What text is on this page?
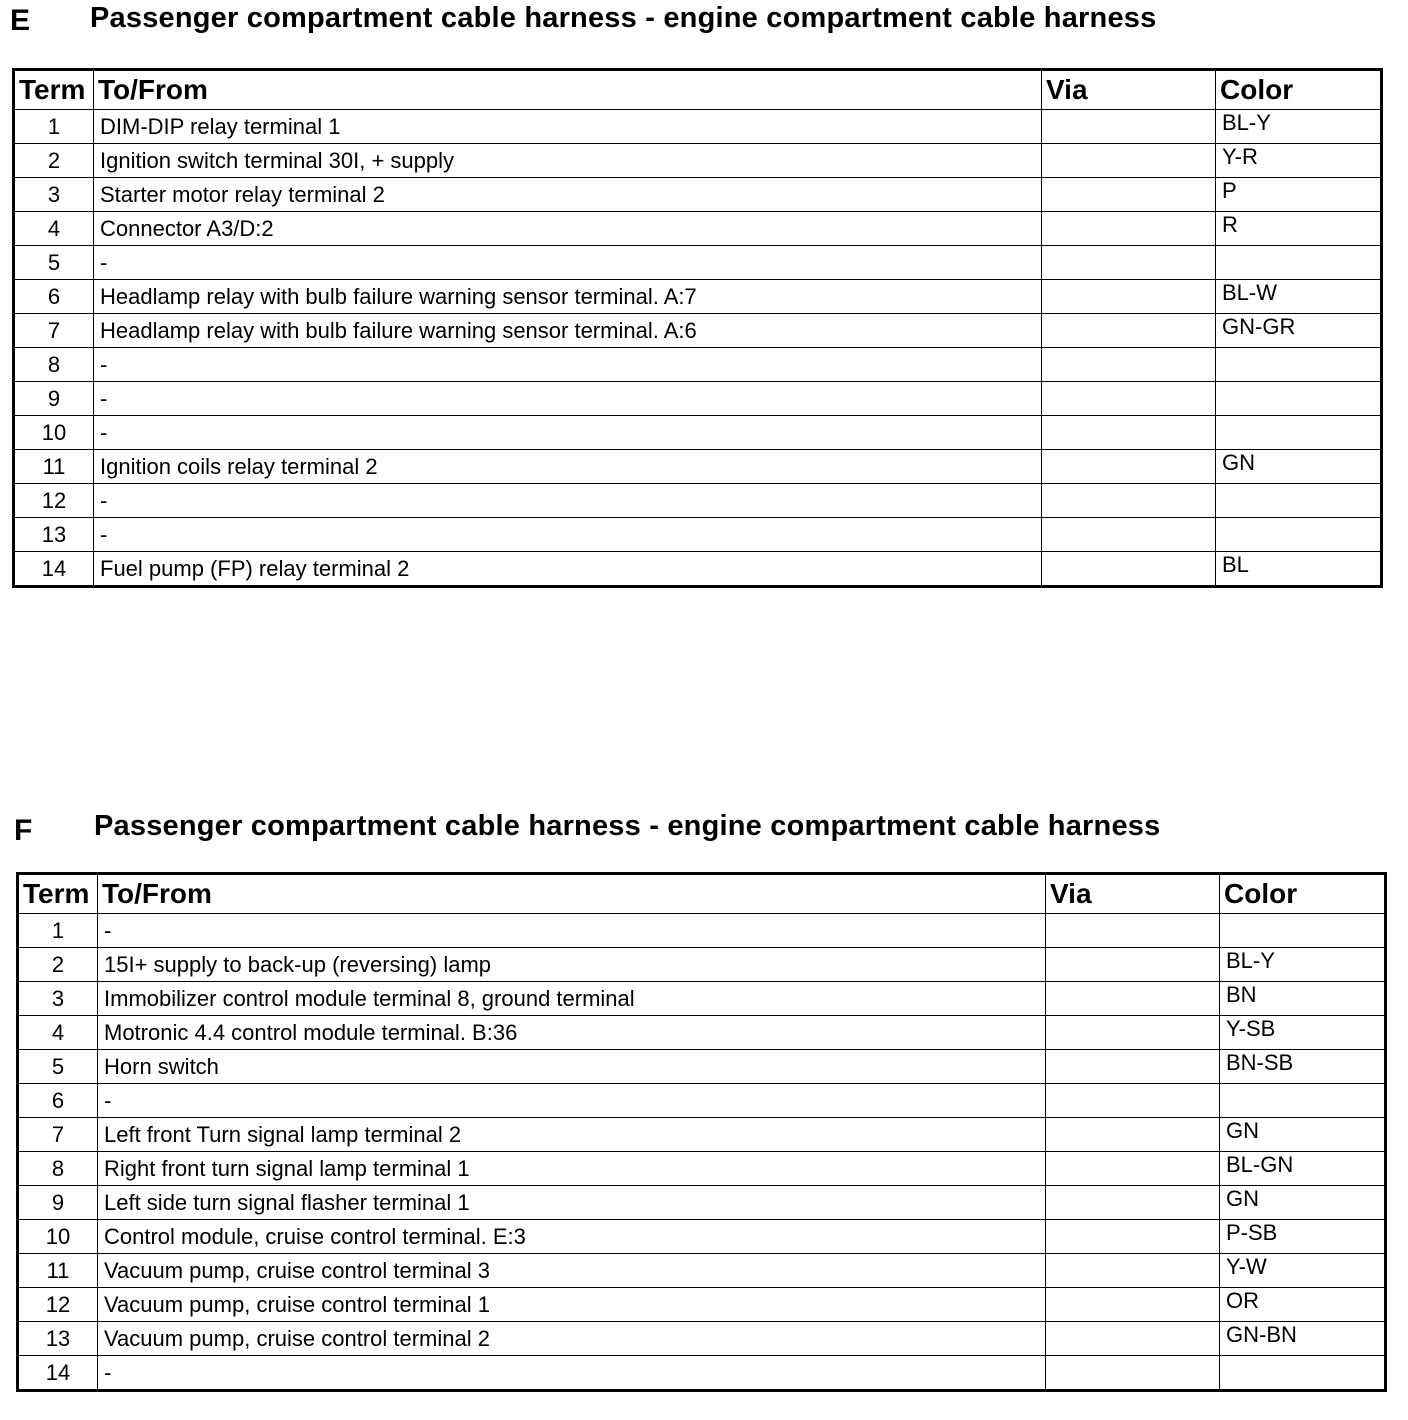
E Passenger compartment cable harness - engine compartment cable harness
Term	To/From	Via	Color
1	DIM-DIP relay terminal 1		BL-Y
2	Ignition switch terminal 30I, + supply		Y-R
3	Starter motor relay terminal 2		P
4	Connector A3/D:2		R
5	-		
6	Headlamp relay with bulb failure warning sensor terminal. A:7		BL-W
7	Headlamp relay with bulb failure warning sensor terminal. A:6		GN-GR
8	-		
9	-		
10	-		
11	Ignition coils relay terminal 2		GN
12	-		
13	-		
14	Fuel pump (FP) relay terminal 2		BL
F Passenger compartment cable harness - engine compartment cable harness
Term	To/From	Via	Color
1	-		
2	15I+ supply to back-up (reversing) lamp		BL-Y
3	Immobilizer control module terminal 8, ground terminal		BN
4	Motronic 4.4 control module terminal. B:36		Y-SB
5	Horn switch		BN-SB
6	-		
7	Left front Turn signal lamp terminal 2		GN
8	Right front turn signal lamp terminal 1		BL-GN
9	Left side turn signal flasher terminal 1		GN
10	Control module, cruise control terminal. E:3		P-SB
11	Vacuum pump, cruise control terminal 3		Y-W
12	Vacuum pump, cruise control terminal 1		OR
13	Vacuum pump, cruise control terminal 2		GN-BN
14	-		
